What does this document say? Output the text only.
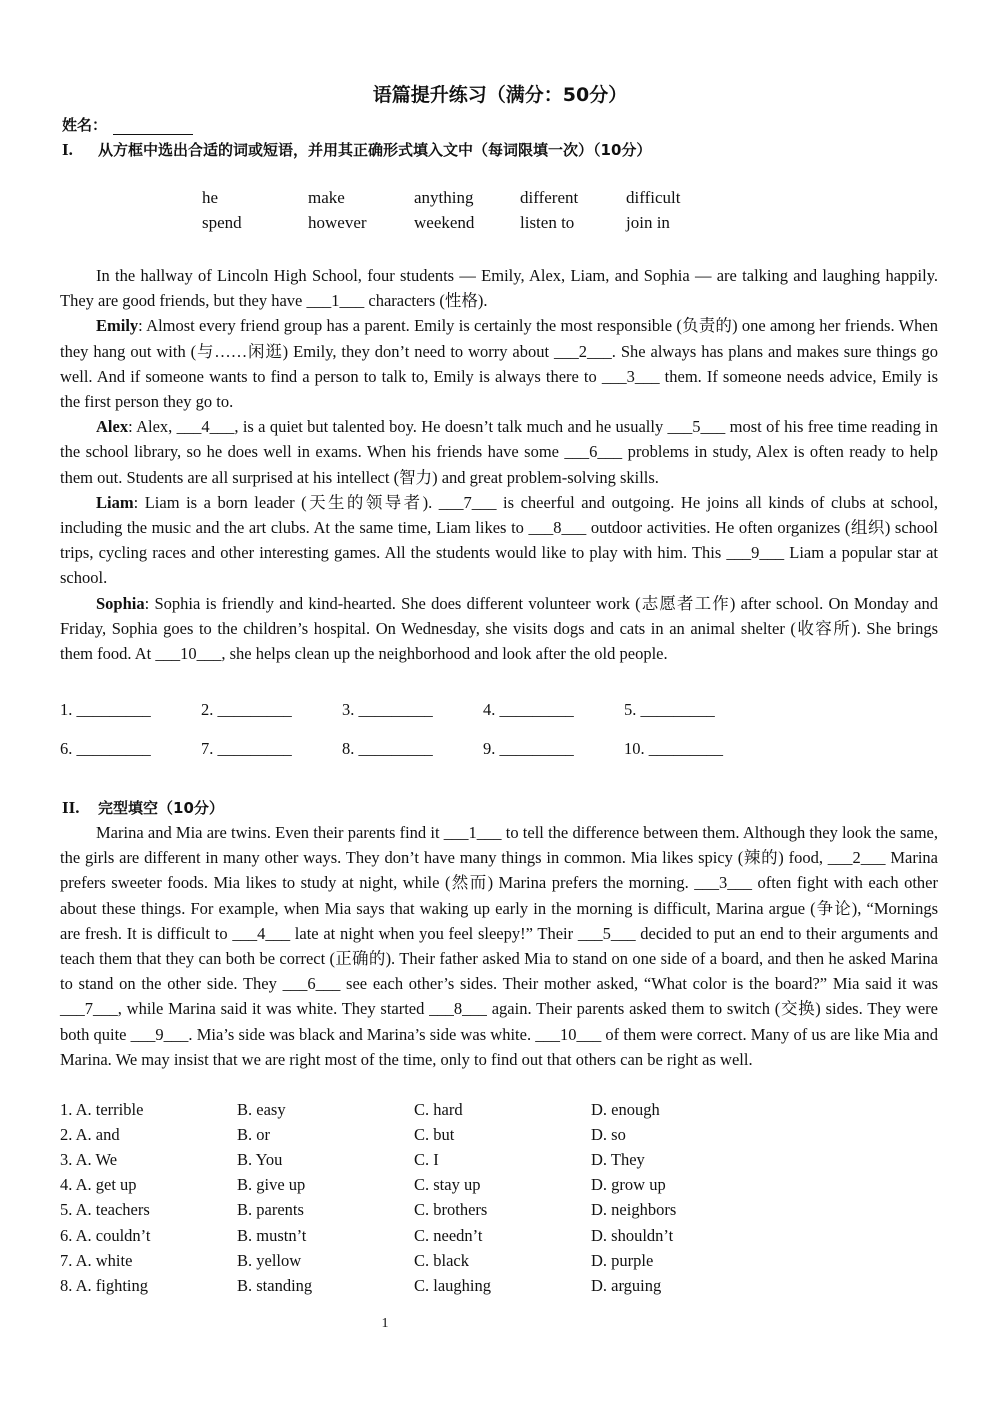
语篇提升练习（满分：50分）
姓名：
I. 从方框中选出合适的词或短语，并用其正确形式填入文中（每词限填一次）（10分）
he	make	anything	different	difficult
spend	however	weekend	listen to	join in

In the hallway of Lincoln High School, four students — Emily, Alex, Liam, and Sophia — are talking and laughing happily. They are good friends, but they have ___1___ characters (性格).

Emily: Almost every friend group has a parent. Emily is certainly the most responsible (负责的) one among her friends. When they hang out with (与……闲逛) Emily, they don’t need to worry about ___2___. She always has plans and makes sure things go well. And if someone wants to find a person to talk to, Emily is always there to ___3___ them. If someone needs advice, Emily is the first person they go to.

Alex: Alex, ___4___, is a quiet but talented boy. He doesn’t talk much and he usually ___5___ most of his free time reading in the school library, so he does well in exams. When his friends have some ___6___ problems in study, Alex is often ready to help them out. Students are all surprised at his intellect (智力) and great problem-solving skills.

Liam: Liam is a born leader (天生的领导者). ___7___ is cheerful and outgoing. He joins all kinds of clubs at school, including the music and the art clubs. At the same time, Liam likes to ___8___ outdoor activities. He often organizes (组织) school trips, cycling races and other interesting games. All the students would like to play with him. This ___9___ Liam a popular star at school.

Sophia: Sophia is friendly and kind-hearted. She does different volunteer work (志愿者工作) after school. On Monday and Friday, Sophia goes to the children’s hospital. On Wednesday, she visits dogs and cats in an animal shelter (收容所). She brings them food. At ___10___, she helps clean up the neighborhood and look after the old people.

1. _________	2. _________	3. _________	4. _________	5. _________
6. _________	7. _________	8. _________	9. _________	10. _________
II. 完型填空（10分）

Marina and Mia are twins. Even their parents find it ___1___ to tell the difference between them. Although they look the same, the girls are different in many other ways. They don’t have many things in common. Mia likes spicy (辣的) food, ___2___ Marina prefers sweeter foods. Mia likes to study at night, while (然而) Marina prefers the morning. ___3___ often fight with each other about these things. For example, when Mia says that waking up early in the morning is difficult, Marina argue (争论), “Mornings are fresh. It is difficult to ___4___ late at night when you feel sleepy!” Their ___5___ decided to put an end to their arguments and teach them that they can both be correct (正确的). Their father asked Mia to stand on one side of a board, and then he asked Marina to stand on the other side. They ___6___ see each other’s sides. Their mother asked, “What color is the board?” Mia said it was ___7___, while Marina said it was white. They started ___8___ again. Their parents asked them to switch (交换) sides. They were both quite ___9___. Mia’s side was black and Marina’s side was white. ___10___ of them were correct. Many of us are like Mia and Marina. We may insist that we are right most of the time, only to find out that others can be right as well.

1. A. terrible	B. easy	C. hard	D. enough
2. A. and	B. or	C. but	D. so
3. A. We	B. You	C. I	D. They
4. A. get up	B. give up	C. stay up	D. grow up
5. A. teachers	B. parents	C. brothers	D. neighbors
6. A. couldn’t	B. mustn’t	C. needn’t	D. shouldn’t
7. A. white	B. yellow	C. black	D. purple
8. A. fighting	B. standing	C. laughing	D. arguing
1
